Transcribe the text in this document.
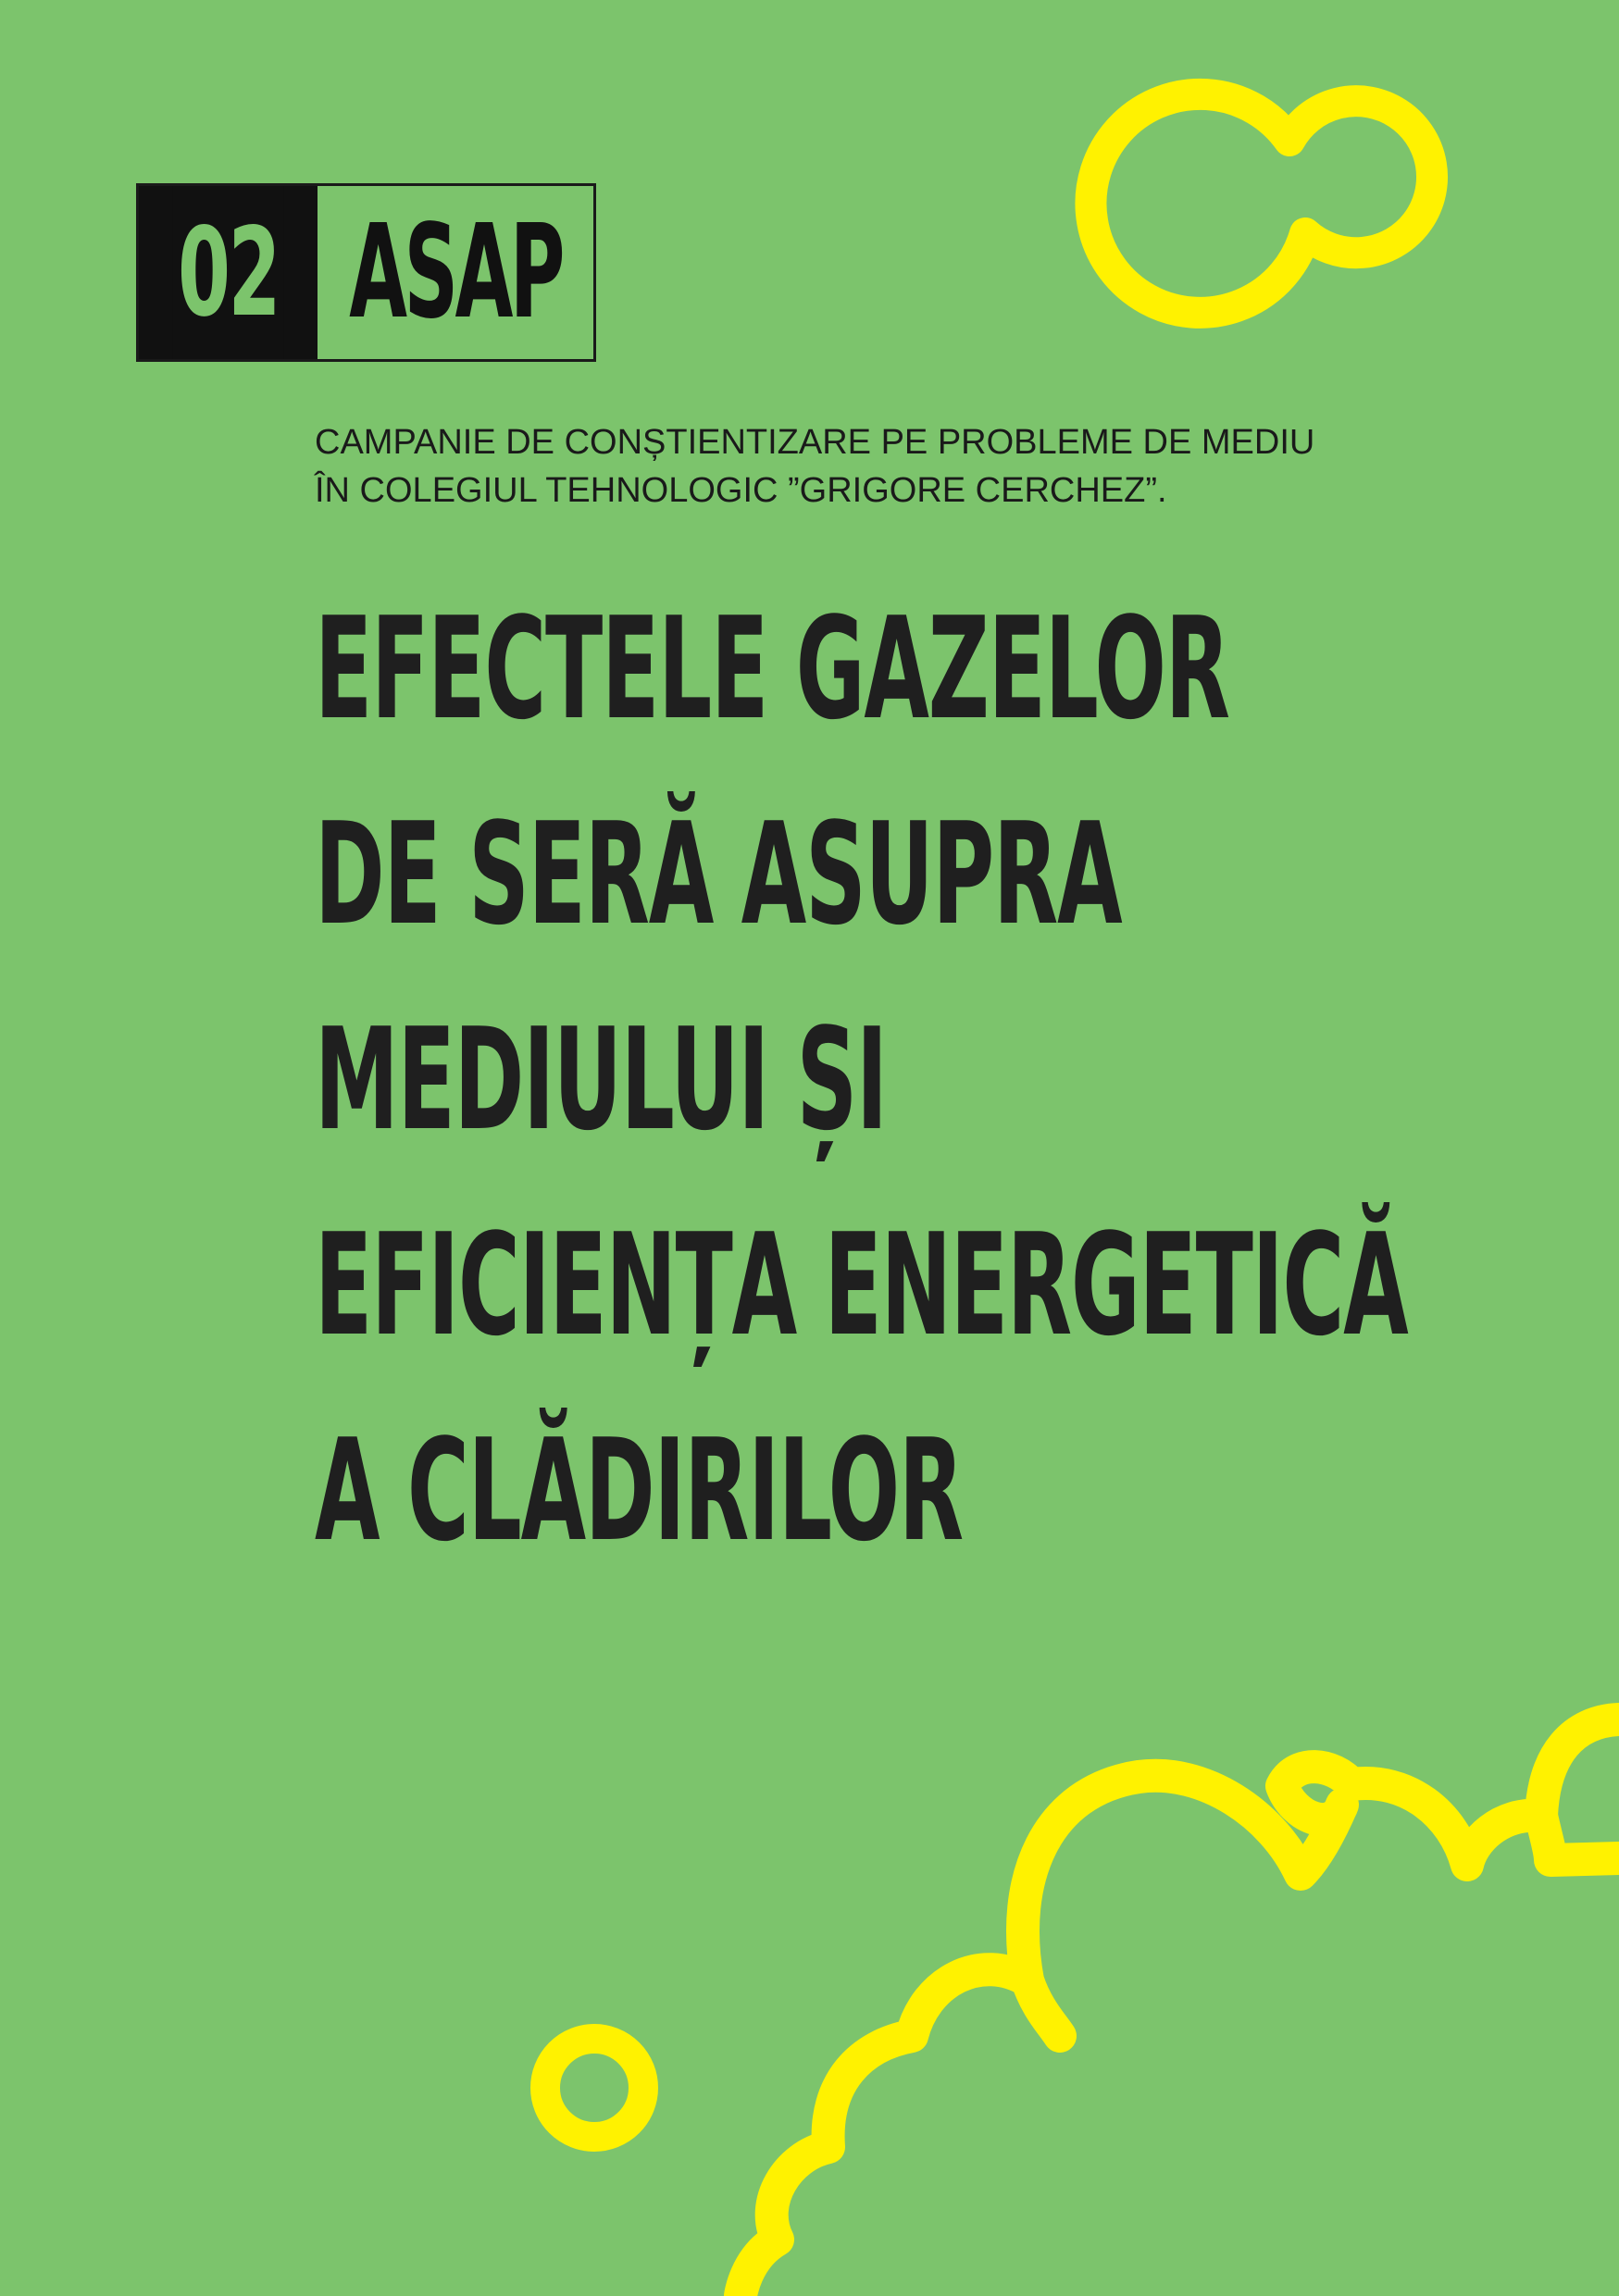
02 ASAP

CAMPANIE DE CONȘTIENTIZARE PE PROBLEME DE MEDIU
ÎN COLEGIUL TEHNOLOGIC ”GRIGORE CERCHEZ”.

EFECTELE GAZELOR
DE SERĂ ASUPRA
MEDIULUI ȘI
EFICIENȚA ENERGETICĂ
A CLĂDIRILOR
